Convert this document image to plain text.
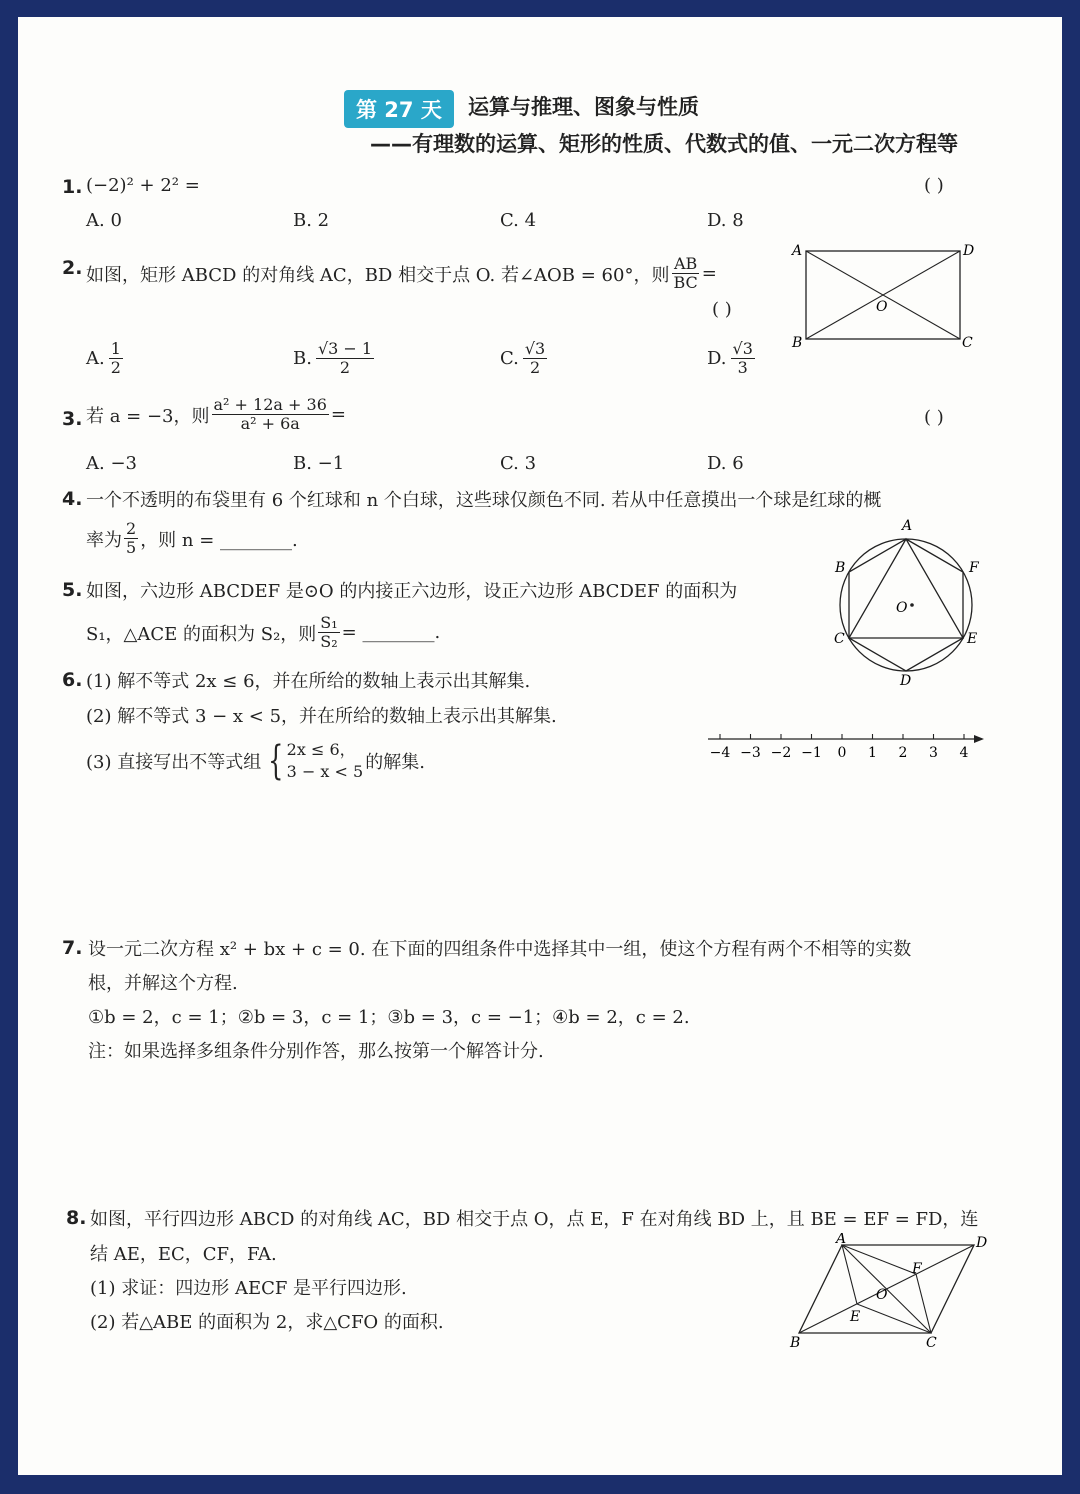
第 27 天	运算与推理、图象与性质
——有理数的运算、矩形的性质、代数式的值、一元二次方程等
1. (−2)² + 2² =	( )
A. 0	B. 2	C. 4	D. 8
2. 如图，矩形 ABCD 的对角线 AC，BD 相交于点 O. 若∠AOB = 60°，则 $\frac{AB}{BC}$ =
( )
A. $\frac{1}{2}$	B. $\frac{√3 - 1}{2}$	C. $\frac{√3}{2}$	D. $\frac{√3}{3}$
A	D
B	C
O
3. 若 a = −3，则 $\frac{\text{a² + 12a + 36}}{\text{a² + 6a}}$ =	( )
A. −3	B. −1	C. 3	D. 6
4. 一个不透明的布袋里有 6 个红球和 n 个白球，这些球仅颜色不同. 若从中任意摸出一个球是红球的概
率为 $\frac{2}{5}$ ，则 n = ________.
5. 如图，六边形 ABCDEF 是⊙O 的内接正六边形，设正六边形 ABCDEF 的面积为
S₁，△ACE 的面积为 S₂，则 $\frac{\text{S₁}}{\text{S₂}}$ = ________.
A
B
C
D
E
F
O
6. (1) 解不等式 2x ≤ 6，并在所给的数轴上表示出其解集.
(2) 解不等式 3 − x < 5，并在所给的数轴上表示出其解集.
(3) 直接写出不等式组 { 2x ≤ 6，
3 − x < 5 的解集.	−4 −3 −2 −1 0 1 2 3 4
7. 设一元二次方程 x² + bx + c = 0. 在下面的四组条件中选择其中一组，使这个方程有两个不相等的实数
根，并解这个方程.
①b = 2，c = 1；②b = 3，c = 1；③b = 3，c = −1；④b = 2，c = 2.
注：如果选择多组条件分别作答，那么按第一个解答计分.
8. 如图，平行四边形 ABCD 的对角线 AC，BD 相交于点 O，点 E，F 在对角线 BD 上，且 BE = EF = FD，连
结 AE，EC，CF，FA.
(1) 求证：四边形 AECF 是平行四边形.
(2) 若△ABE 的面积为 2，求△CFO 的面积.
A	D
B	C
E
F
O
